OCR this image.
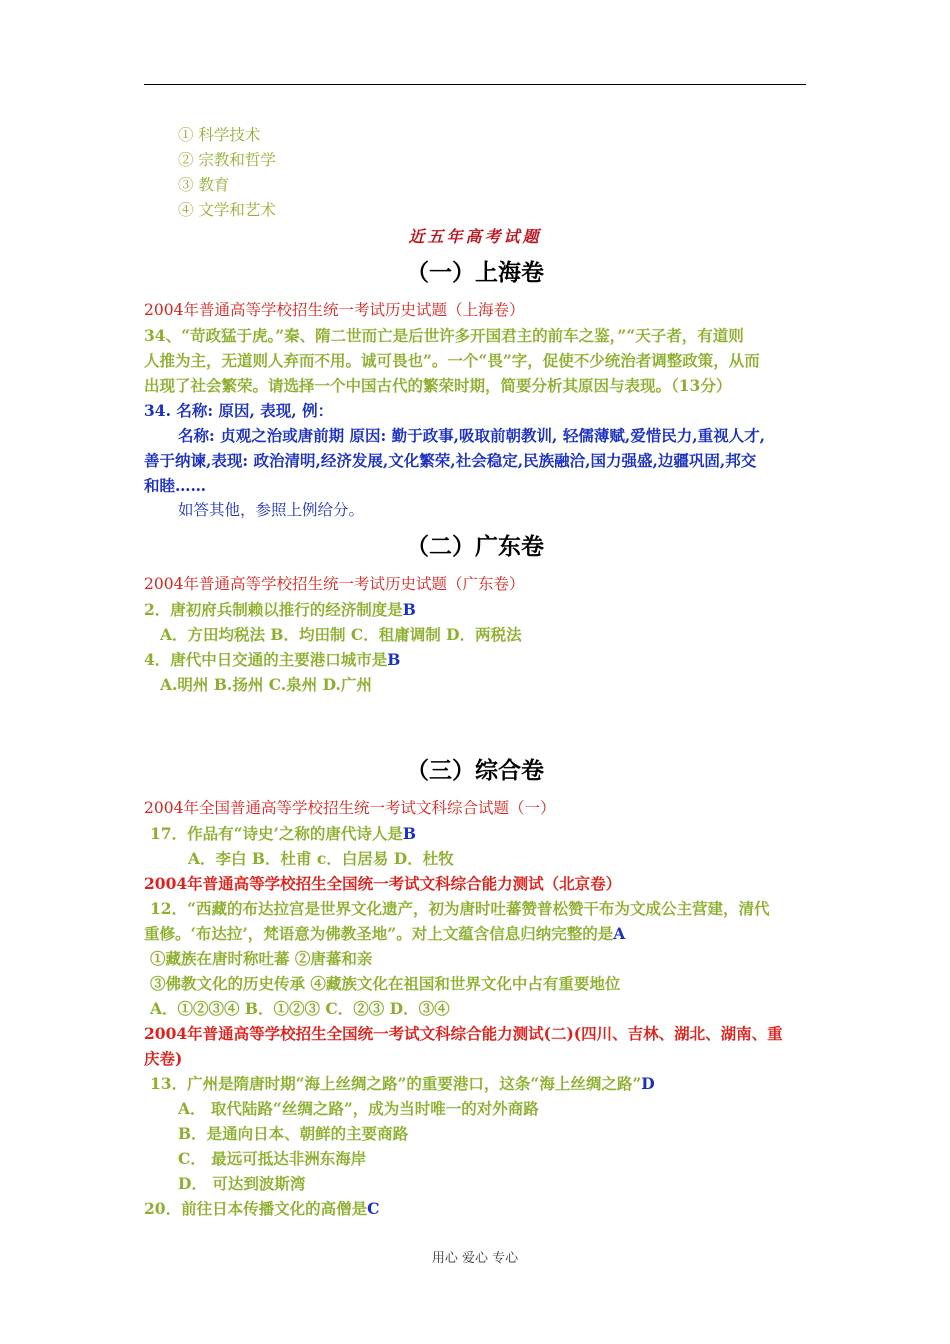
① 科学技术
② 宗教和哲学
③ 教育
④ 文学和艺术
近五年高考试题
（一）上海卷
2004年普通高等学校招生统一考试历史试题（上海卷）
34、“苛政猛于虎。”秦、隋二世而亡是后世许多开国君主的前车之鉴，”“天子者，有道则
人推为主，无道则人弃而不用。诚可畏也”。一个“畏”字，促使不少统治者调整政策，从而
出现了社会繁荣。请选择一个中国古代的繁荣时期，简要分析其原因与表现。（13分）
34. 名称: 原因, 表现, 例：
名称: 贞观之治或唐前期 原因: 勤于政事,吸取前朝教训, 轻儒薄赋,爱惜民力,重视人才,
善于纳谏,表现: 政治清明,经济发展,文化繁荣,社会稳定,民族融洽,国力强盛,边疆巩固,邦交
和睦……
如答其他，参照上例给分。
（二）广东卷
2004年普通高等学校招生统一考试历史试题（广东卷）
2．唐初府兵制赖以推行的经济制度是B
A．方田均税法 B．均田制 C．租庸调制 D．两税法
4．唐代中日交通的主要港口城市是B
A.明州 B.扬州 C.泉州 D.广州
（三）综合卷
2004年全国普通高等学校招生统一考试文科综合试题（一）
17．作品有“诗史’之称的唐代诗人是B
A．李白 B．杜甫 c．白居易 D．杜牧
2004年普通高等学校招生全国统一考试文科综合能力测试（北京卷）
12．“西藏的布达拉宫是世界文化遗产，初为唐时吐蕃赞普松赞干布为文成公主营建，清代
重修。‘布达拉’，梵语意为佛教圣地”。对上文蕴含信息归纳完整的是A
①藏族在唐时称吐蕃 ②唐蕃和亲
③佛教文化的历史传承 ④藏族文化在祖国和世界文化中占有重要地位
A．①②③④ B．①②③ C．②③ D．③④
2004年普通高等学校招生全国统一考试文科综合能力测试(二)(四川、吉林、湖北、湖南、重
庆卷)
13．广州是隋唐时期“海上丝绸之路”的重要港口，这条“海上丝绸之路”D
A． 取代陆路“丝绸之路”，成为当时唯一的对外商路
B．是通向日本、朝鲜的主要商路
C． 最远可抵达非洲东海岸
D． 可达到波斯湾
20．前往日本传播文化的高僧是C
用心 爱心 专心
